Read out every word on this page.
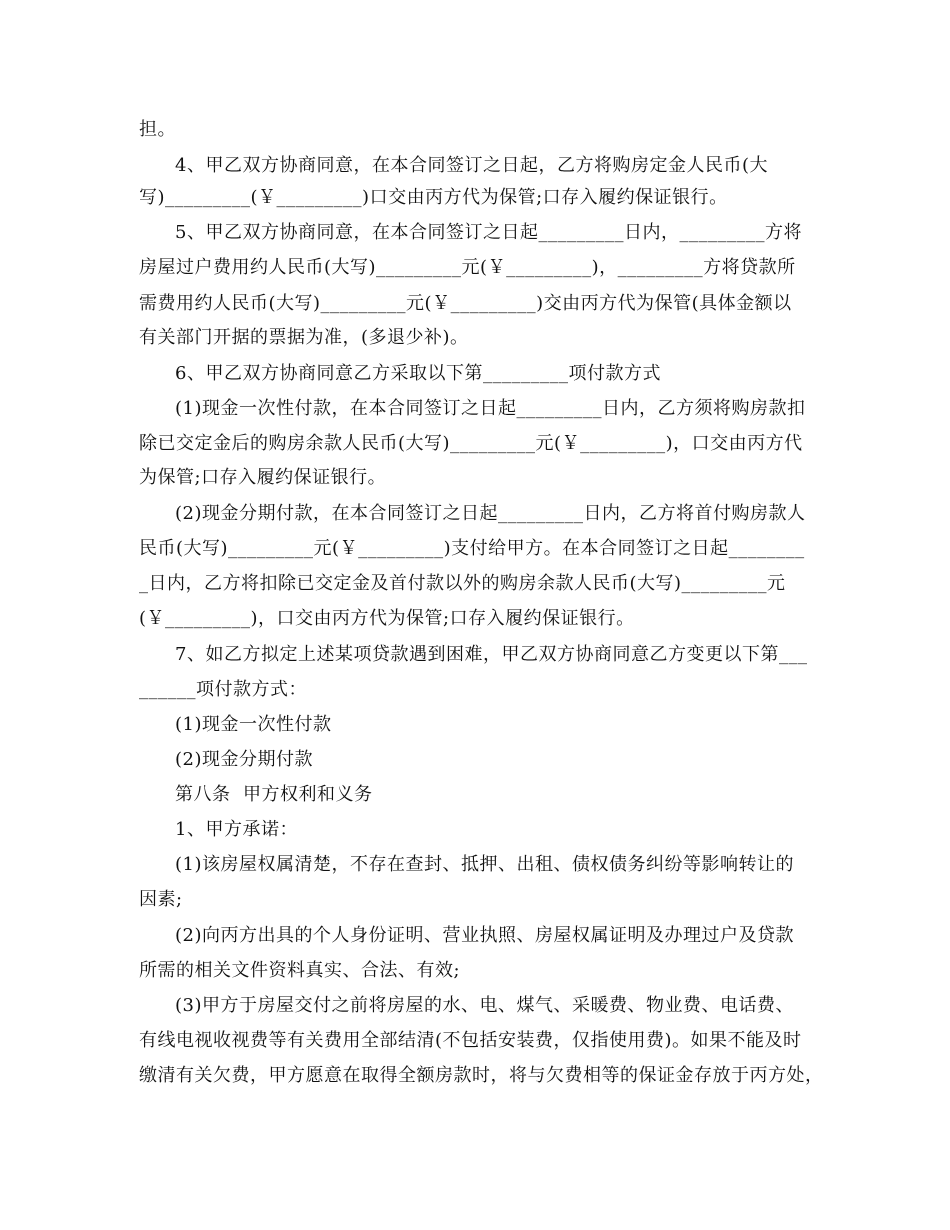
担。
4、甲乙双方协商同意，在本合同签订之日起，乙方将购房定金人民币(大
写)_________(￥_________)口交由丙方代为保管;口存入履约保证银行。
5、甲乙双方协商同意，在本合同签订之日起_________日内，_________方将
房屋过户费用约人民币(大写)_________元(￥_________)，_________方将贷款所
需费用约人民币(大写)_________元(￥_________)交由丙方代为保管(具体金额以
有关部门开据的票据为准，(多退少补)。
6、甲乙双方协商同意乙方采取以下第_________项付款方式
(1)现金一次性付款，在本合同签订之日起_________日内，乙方须将购房款扣
除已交定金后的购房余款人民币(大写)_________元(￥_________)，口交由丙方代
为保管;口存入履约保证银行。
(2)现金分期付款，在本合同签订之日起_________日内，乙方将首付购房款人
民币(大写)_________元(￥_________)支付给甲方。在本合同签订之日起________
_日内，乙方将扣除已交定金及首付款以外的购房余款人民币(大写)_________元
(￥_________)，口交由丙方代为保管;口存入履约保证银行。
7、如乙方拟定上述某项贷款遇到困难，甲乙双方协商同意乙方变更以下第___
______项付款方式：
(1)现金一次性付款
(2)现金分期付款
第八条  甲方权利和义务
1、甲方承诺：
(1)该房屋权属清楚，不存在查封、抵押、出租、债权债务纠纷等影响转让的
因素;
(2)向丙方出具的个人身份证明、营业执照、房屋权属证明及办理过户及贷款
所需的相关文件资料真实、合法、有效;
(3)甲方于房屋交付之前将房屋的水、电、煤气、采暖费、物业费、电话费、
有线电视收视费等有关费用全部结清(不包括安装费，仅指使用费)。如果不能及时
缴清有关欠费，甲方愿意在取得全额房款时，将与欠费相等的保证金存放于丙方处，
